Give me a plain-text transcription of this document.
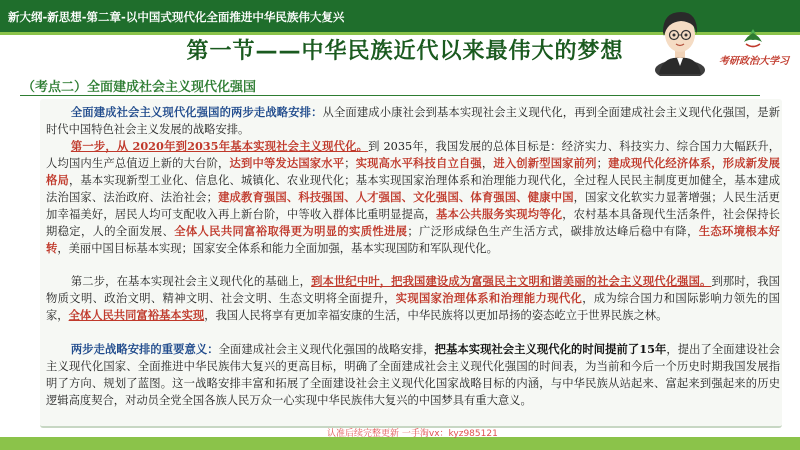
新大纲-新思想-第二章-以中国式现代化全面推进中华民族伟大复兴
第一节——中华民族近代以来最伟大的梦想	考研政治大学习
（考点二）全面建成社会主义现代化强国

全面建成社会主义现代化强国的两步走战略安排：从全面建成小康社会到基本实现社会主义现代化，再到全面建成社会主义现代化强国，是新时代中国特色社会主义发展的战略安排。

第一步，从 2020年到2035年基本实现社会主义现代化。到 2035年，我国发展的总体目标是：经济实力、科技实力、综合国力大幅跃升，人均国内生产总值迈上新的大台阶，达到中等发达国家水平；实现高水平科技自立自强，进入创新型国家前列；建成现代化经济体系，形成新发展格局，基本实现新型工业化、信息化、城镇化、农业现代化；基本实现国家治理体系和治理能力现代化，全过程人民民主制度更加健全，基本建成法治国家、法治政府、法治社会；建成教育强国、科技强国、人才强国、文化强国、体育强国、健康中国，国家文化软实力显著增强；人民生活更加幸福美好，居民人均可支配收入再上新台阶，中等收入群体比重明显提高，基本公共服务实现均等化，农村基本具备现代生活条件，社会保持长期稳定，人的全面发展、全体人民共同富裕取得更为明显的实质性进展；广泛形成绿色生产生活方式，碳排放达峰后稳中有降，生态环境根本好转，美丽中国目标基本实现；国家安全体系和能力全面加强，基本实现国防和军队现代化。

第二步，在基本实现社会主义现代化的基础上，到本世纪中叶，把我国建设成为富强民主文明和谐美丽的社会主义现代化强国。到那时，我国物质文明、政治文明、精神文明、社会文明、生态文明将全面提升，实现国家治理体系和治理能力现代化，成为综合国力和国际影响力领先的国家，全体人民共同富裕基本实现，我国人民将享有更加幸福安康的生活，中华民族将以更加昂扬的姿态屹立于世界民族之林。

两步走战略安排的重要意义：全面建成社会主义现代化强国的战略安排，把基本实现社会主义现代化的时间提前了15年，提出了全面建设社会主义现代化国家、全面推进中华民族伟大复兴的更高目标，明确了全面建成社会主义现代化强国的时间表，为当前和今后一个历史时期我国发展指明了方向、规划了蓝图。这一战略安排丰富和拓展了全面建设社会主义现代化国家战略目标的内涵，与中华民族从站起来、富起来到强起来的历史逻辑高度契合，对动员全党全国各族人民万众一心实现中华民族伟大复兴的中国梦具有重大意义。

认准后续完整更新 一手淘vx：kyz985121
